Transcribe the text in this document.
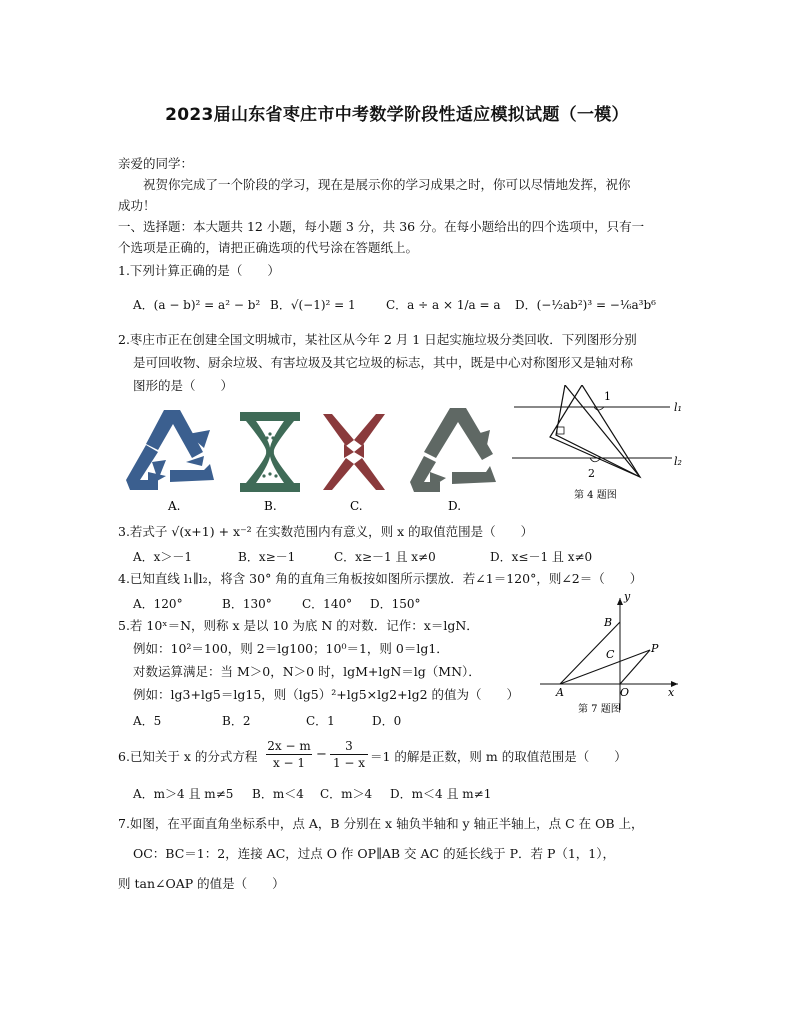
2023届山东省枣庄市中考数学阶段性适应模拟试题（一模）
亲爱的同学：
祝贺你完成了一个阶段的学习，现在是展示你的学习成果之时，你可以尽情地发挥，祝你
成功！
一、选择题：本大题共 12 小题，每小题 3 分，共 36 分。在每小题给出的四个选项中，只有一
个选项是正确的，请把正确选项的代号涂在答题纸上。
1.下列计算正确的是（　　）
A．(a − b)² = a² − b² B．√(−1)² = 1	C．a ÷ a × 1/a = a D．(−½ab²)³ = −⅙a³b⁶
2.枣庄市正在创建全国文明城市，某社区从今年 2 月 1 日起实施垃圾分类回收．下列图形分别
是可回收物、厨余垃圾、有害垃圾及其它垃圾的标志，其中，既是中心对称图形又是轴对称
图形的是（　　）
A.	B.	C.	D.
1
2
l₁
l₂
第 4 题图
3.若式子 √(x+1) + x⁻² 在实数范围内有意义，则 x 的取值范围是（　　）
A．x＞－1	B．x≥－1	C．x≥－1 且 x≠0	D．x≤－1 且 x≠0
4.已知直线 l₁∥l₂，将含 30° 角的直角三角板按如图所示摆放．若∠1＝120°，则∠2＝（　　）
A．120°	B．130°	C．140° D．150°
5.若 10ˣ＝N，则称 x 是以 10 为底 N 的对数．记作：x＝lgN．
例如：10²＝100，则 2＝lg100；10⁰＝1，则 0＝lg1．
对数运算满足：当 M＞0，N＞0 时，lgM+lgN＝lg（MN）．
例如：lg3+lg5＝lg15，则（lg5）²+lg5×lg2+lg2 的值为（　　）
A．5	B．2	C．1	D．0
y
x
B
C	P
A	O
第 7 题图
6.已知关于 x 的分式方程 $\frac{2x - m}{x - 1} - \frac{3}{1 - x} =1$ 的解是正数，则 m 的取值范围是（　　）
A．m＞4 且 m≠5 B．m＜4 C．m＞4 D．m＜4 且 m≠1
7.如图，在平面直角坐标系中，点 A，B 分别在 x 轴负半轴和 y 轴正半轴上，点 C 在 OB 上，
OC：BC＝1：2，连接 AC，过点 O 作 OP∥AB 交 AC 的延长线于 P．若 P（1，1），
则 tan∠OAP 的值是（　　）
